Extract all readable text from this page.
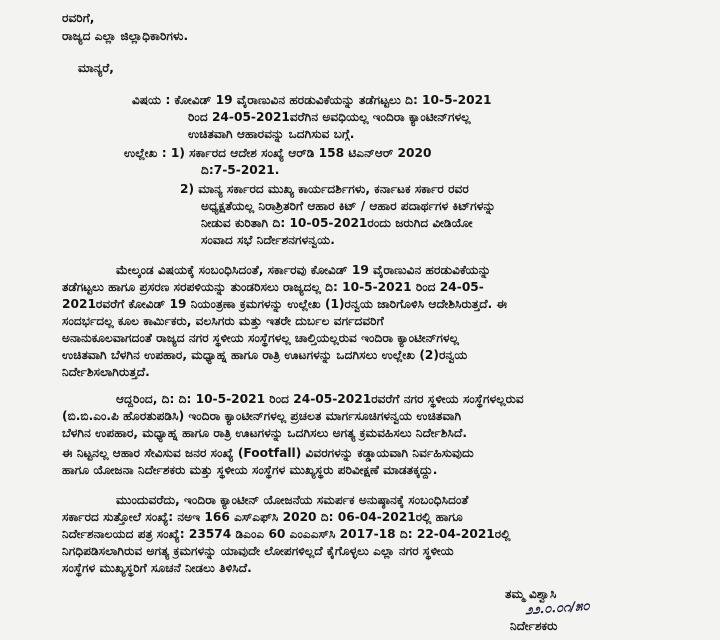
ರವರಿಗೆ,
ರಾಜ್ಯದ ಎಲ್ಲಾ ಜಿಲ್ಲಾಧಿಕಾರಿಗಳು.
ಮಾನ್ಯರೆ,
ವಿಷಯ : ಕೋವಿಡ್ 19 ವೈರಾಣುವಿನ ಹರಡುವಿಕೆಯನ್ನು ತಡೆಗಟ್ಟಲು ದಿ: 10-5-2021
ರಿಂದ 24-05-2021ವರೆಗಿನ ಅವಧಿಯಲ್ಲ ಇಂದಿರಾ ಕ್ಯಾಂಟೀನ್‌ಗಳಲ್ಲ
ಉಚಿತವಾಗಿ ಆಹಾರವನ್ನು ಒದಗಿಸುವ ಬಗ್ಗೆ.
ಉಲ್ಲೇಖ : 1) ಸರ್ಕಾರದ ಆದೇಶ ಸಂಖ್ಯೆ ಆರ್‌ಡಿ 158 ಟಿಎನ್‌ಆರ್ 2020
ದಿ:7-5-2021.
2) ಮಾನ್ಯ ಸರ್ಕಾರದ ಮುಖ್ಯ ಕಾರ್ಯದರ್ಶಿಗಳು, ಕರ್ನಾಟಕ ಸರ್ಕಾರ ರವರ
ಅಧ್ಯಕ್ಷತೆಯಲ್ಲ ನಿರಾಶ್ರಿತರಿಗೆ ಆಹಾರ ಕಿಟ್ / ಆಹಾರ ಪದಾರ್ಥಗಳ ಕಿಟ್‌ಗಳನ್ನು
ನೀಡುವ ಕುರಿತಾಗಿ ದಿ: 10-05-2021ರಂದು ಜರುಗಿದ ವೀಡಿಯೋ
ಸಂವಾದ ಸಭೆ ನಿರ್ದೇಶನಗಳನ್ವಯ.
ಮೇಲ್ಕಂಡ ವಿಷಯಕ್ಕೆ ಸಂಬಂಧಿಸಿದಂತೆ, ಸರ್ಕಾರವು ಕೋವಿಡ್ 19 ವೈರಾಣುವಿನ ಹರಡುವಿಕೆಯನ್ನು
ತಡೆಗಟ್ಟಲು ಹಾಗೂ ಪ್ರಸರಣ ಸರಪಳಿಯನ್ನು ತುಂಡರಿಸಲು ರಾಜ್ಯದಲ್ಲ ದಿ: 10-5-2021 ರಿಂದ 24-05-
2021ರವರೆಗೆ ಕೋವಿಡ್ 19 ನಿಯಂತ್ರಣಾ ಕ್ರಮಗಳನ್ನು ಉಲ್ಲೇಖ (1)ರನ್ವಯ ಜಾರಿಗೊಳಿಸಿ ಆದೇಶಿಸಿರುತ್ತದೆ. ಈ
ಸಂದರ್ಭದಲ್ಲ ಕೂಲ ಕಾರ್ಮಿಕರು, ವಲಸಿಗರು ಮತ್ತು ಇತರೇ ದುರ್ಬಲ ವರ್ಗದವರಿಗೆ
ಅನಾನುಕೂಲವಾಗದಂತೆ ರಾಜ್ಯದ ನಗರ ಸ್ಥಳೀಯ ಸಂಸ್ಥೆಗಳಲ್ಲ ಚಾಲ್ತಿಯಲ್ಲರುವ ಇಂದಿರಾ ಕ್ಯಾಂಟೀನ್‌ಗಳಲ್ಲ
ಉಚಿತವಾಗಿ ಬೆಳಗಿನ ಉಪಹಾರ, ಮಧ್ಯಾಹ್ನ ಹಾಗೂ ರಾತ್ರಿ ಊಟಗಳನ್ನು ಒದಗಿಸಲು ಉಲ್ಲೇಖ (2)ರನ್ವಯ
ನಿರ್ದೇಶಿಸಲಾಗಿರುತ್ತದೆ.
ಆದ್ದರಿಂದ, ದಿ: ದಿ: 10-5-2021 ರಿಂದ 24-05-2021ರವರೆಗೆ ನಗರ ಸ್ಥಳೀಯ ಸಂಸ್ಥೆಗಳಲ್ಲರುವ
(ಬಿ.ಬಿ.ಎಂ.ಪಿ ಹೊರತುಪಡಿಸಿ) ಇಂದಿರಾ ಕ್ಯಾಂಟೀನ್‌ಗಳಲ್ಲ ಪ್ರಚಲತ ಮಾರ್ಗಸೂಚಿಗಳನ್ವಯ ಉಚಿತವಾಗಿ
ಬೆಳಗಿನ ಉಪಹಾರ, ಮಧ್ಯಾಹ್ನ ಹಾಗೂ ರಾತ್ರಿ ಊಟಗಳನ್ನು ಒದಗಿಸಲು ಅಗತ್ಯ ಕ್ರಮವಹಿಸಲು ನಿರ್ದೇಶಿಸಿದೆ.
ಈ ನಿಟ್ಟನಲ್ಲ ಆಹಾರ ಸೇವಿಸುವ ಜನರ ಸಂಖ್ಯೆ (Footfall) ವಿವರಗಳನ್ನು ಕಡ್ಡಾಯವಾಗಿ ನಿರ್ವಹಿಸುವುದು
ಹಾಗೂ ಯೋಜನಾ ನಿರ್ದೇಶಕರು ಮತ್ತು ಸ್ಥಳೀಯ ಸಂಸ್ಥೆಗಳ ಮುಖ್ಯಸ್ಥರು ಪರಿವೀಕ್ಷಣೆ ಮಾಡತಕ್ಕದ್ದು.
ಮುಂದುವರೆದು, ಇಂದಿರಾ ಕ್ಯಾಂಟೀನ್ ಯೋಜನೆಯ ಸಮರ್ಪಕ ಅನುಷ್ಠಾನಕ್ಕೆ ಸಂಬಂಧಿಸಿದಂತೆ
ಸರ್ಕಾರದ ಸುತ್ತೋಲೆ ಸಂಖ್ಯೆ: ನಅಇ 166 ಎಸ್‌ಎಫ್‌ಸಿ 2020 ದಿ: 06-04-2021ರಲ್ಲಿ ಹಾಗೂ
ನಿರ್ದೇಶನಾಲಯದ ಪತ್ರ ಸಂಖ್ಯೆ: 23574 ಡಿಎಂಎ 60 ಎಂಎಎಸ್‌ಸಿ 2017-18 ದಿ: 22-04-2021ರಲ್ಲಿ
ನಿಗಧಿಪಡಿಸಲಾಗಿರುವ ಅಗತ್ಯ ಕ್ರಮಗಳನ್ನು ಯಾವುದೇ ಲೋಪಗಳಿಲ್ಲದೆ ಕೈಗೊಳ್ಳಲು ಎಲ್ಲಾ ನಗರ ಸ್ಥಳೀಯ
ಸಂಸ್ಥೆಗಳ ಮುಖ್ಯಸ್ಥರಿಗೆ ಸೂಚನೆ ನೀಡಲು ತಿಳಿಸಿದೆ.
ತಮ್ಮ ವಿಶ್ವಾಸಿ
೨೨.೦.೦೧/೫೦
ನಿರ್ದೇಶಕರು
